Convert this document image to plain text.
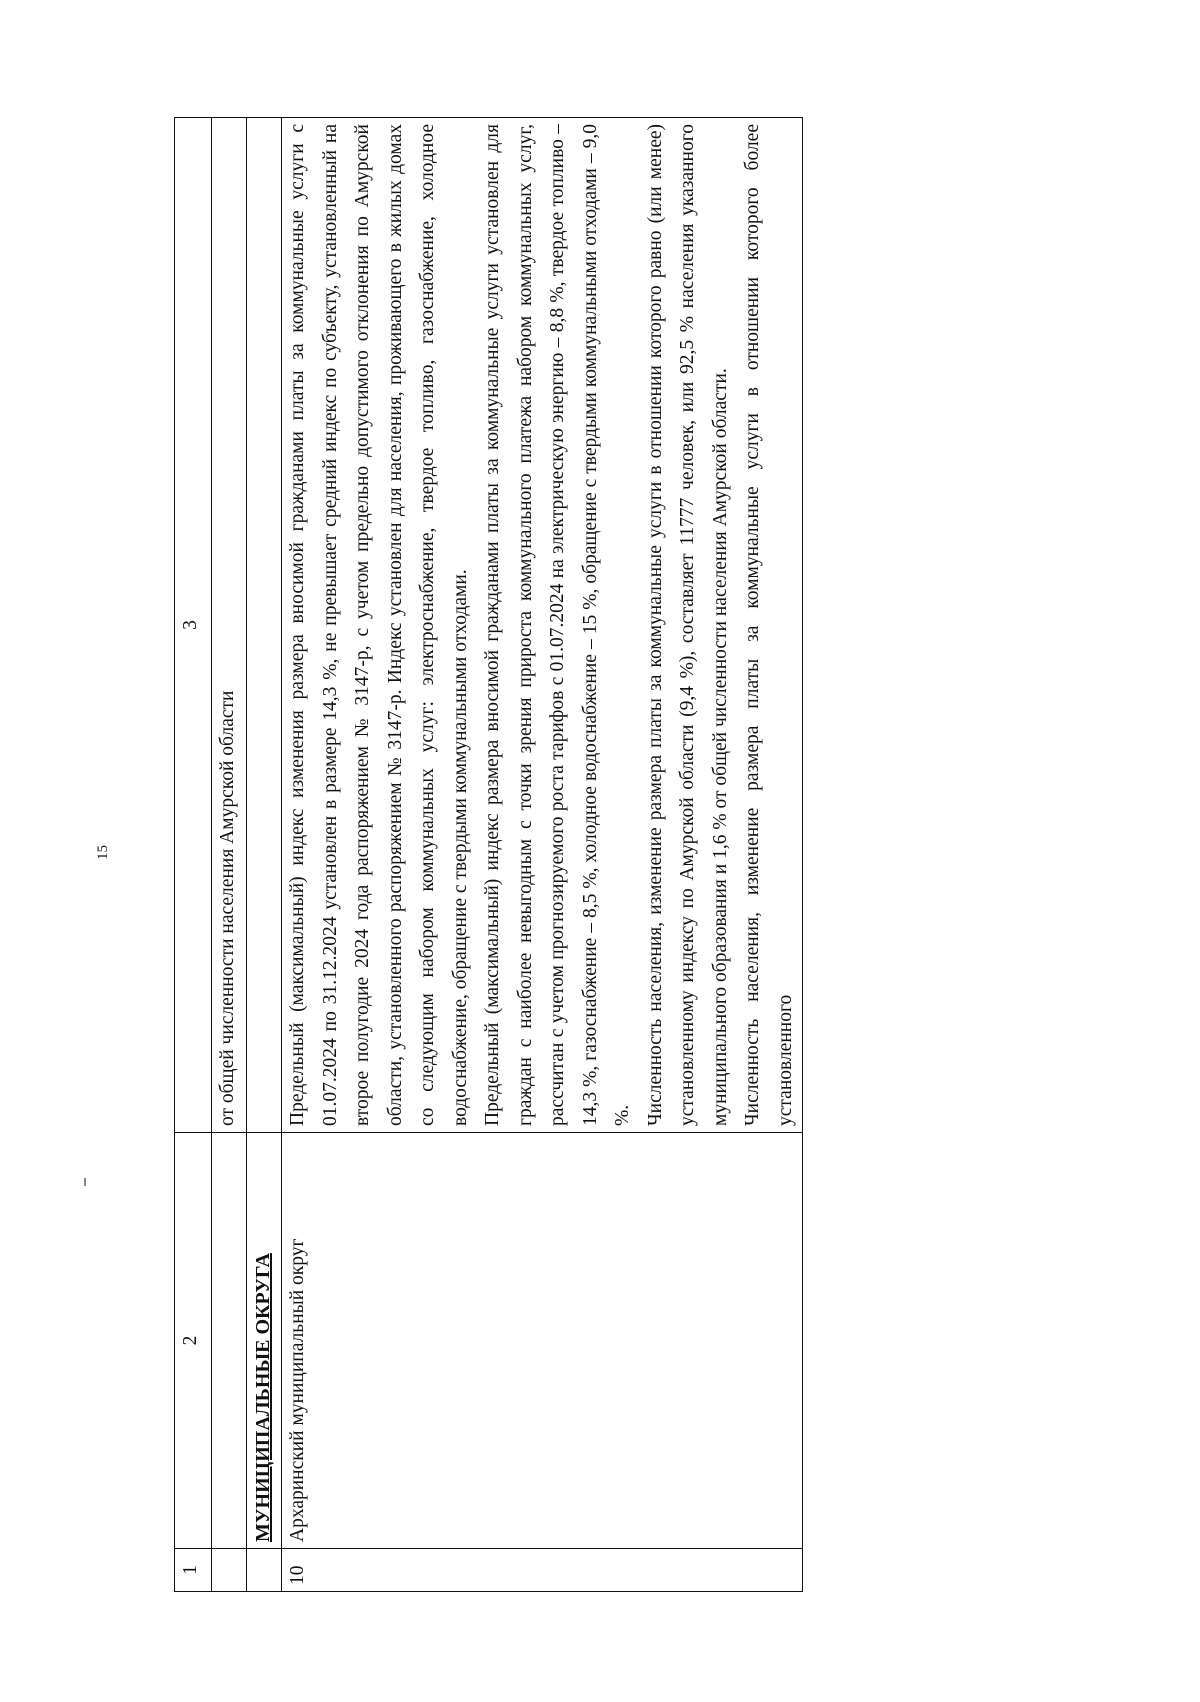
15
1	2	3
		от общей численности населения Амурской области
	МУНИЦИПАЛЬНЫЕ ОКРУГА	
10	Архаринский муниципальный округ	Предельный (максимальный) индекс изменения размера вносимой гражданами платы за коммунальные услуги с 01.07.2024 по 31.12.2024 установлен в размере 14,3 %, не превышает средний индекс по субъекту, установленный на второе полугодие 2024 года распоряжением № 3147-р, с учетом предельно допустимого отклонения по Амурской области, установленного распоряжением № 3147-р. Индекс установлен для населения, проживающего в жилых домах со следующим набором коммунальных услуг: электроснабжение, твердое топливо, газоснабжение, холодное водоснабжение, обращение с твердыми коммунальными отходами. Предельный (максимальный) индекс размера вносимой гражданами платы за коммунальные услуги установлен для граждан с наиболее невыгодным с точки зрения прироста коммунального платежа набором коммунальных услуг, рассчитан с учетом прогнозируемого роста тарифов с 01.07.2024 на электрическую энергию – 8,8 %, твердое топливо – 14,3 %, газоснабжение – 8,5 %, холодное водоснабжение – 15 %, обращение с твердыми коммунальными отходами – 9,0 %. Численность населения, изменение размера платы за коммунальные услуги в отношении которого равно (или менее) установленному индексу по Амурской области (9,4 %), составляет 11777 человек, или 92,5 % населения указанного муниципального образования и 1,6 % от общей численности населения Амурской области. Численность населения, изменение размера платы за коммунальные услуги в отношении которого более установленного
